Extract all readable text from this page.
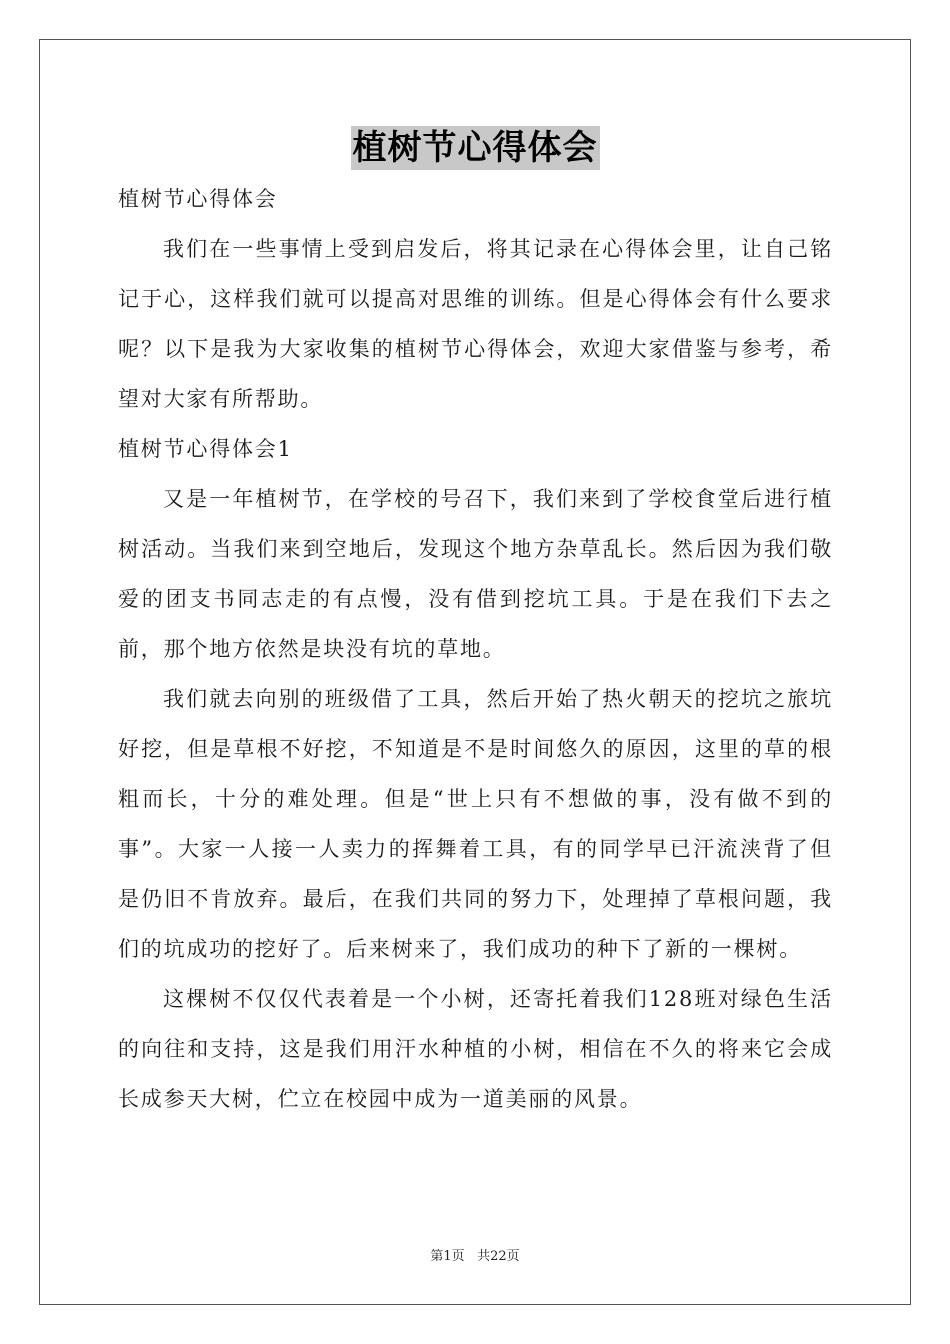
植树节心得体会
植树节心得体会

我们在一些事情上受到启发后，将其记录在心得体会里，让自己铭记于心，这样我们就可以提高对思维的训练。但是心得体会有什么要求呢？以下是我为大家收集的植树节心得体会，欢迎大家借鉴与参考，希望对大家有所帮助。

植树节心得体会1

又是一年植树节，在学校的号召下，我们来到了学校食堂后进行植树活动。当我们来到空地后，发现这个地方杂草乱长。然后因为我们敬爱的团支书同志走的有点慢，没有借到挖坑工具。于是在我们下去之前，那个地方依然是块没有坑的草地。

我们就去向别的班级借了工具，然后开始了热火朝天的挖坑之旅坑好挖，但是草根不好挖，不知道是不是时间悠久的原因，这里的草的根粗而长，十分的难处理。但是“世上只有不想做的事，没有做不到的事”。大家一人接一人卖力的挥舞着工具，有的同学早已汗流浃背了但是仍旧不肯放弃。最后，在我们共同的努力下，处理掉了草根问题，我们的坑成功的挖好了。后来树来了，我们成功的种下了新的一棵树。

这棵树不仅仅代表着是一个小树，还寄托着我们128班对绿色生活的向往和支持，这是我们用汗水种植的小树，相信在不久的将来它会成长成参天大树，伫立在校园中成为一道美丽的风景。

第1页 共22页
